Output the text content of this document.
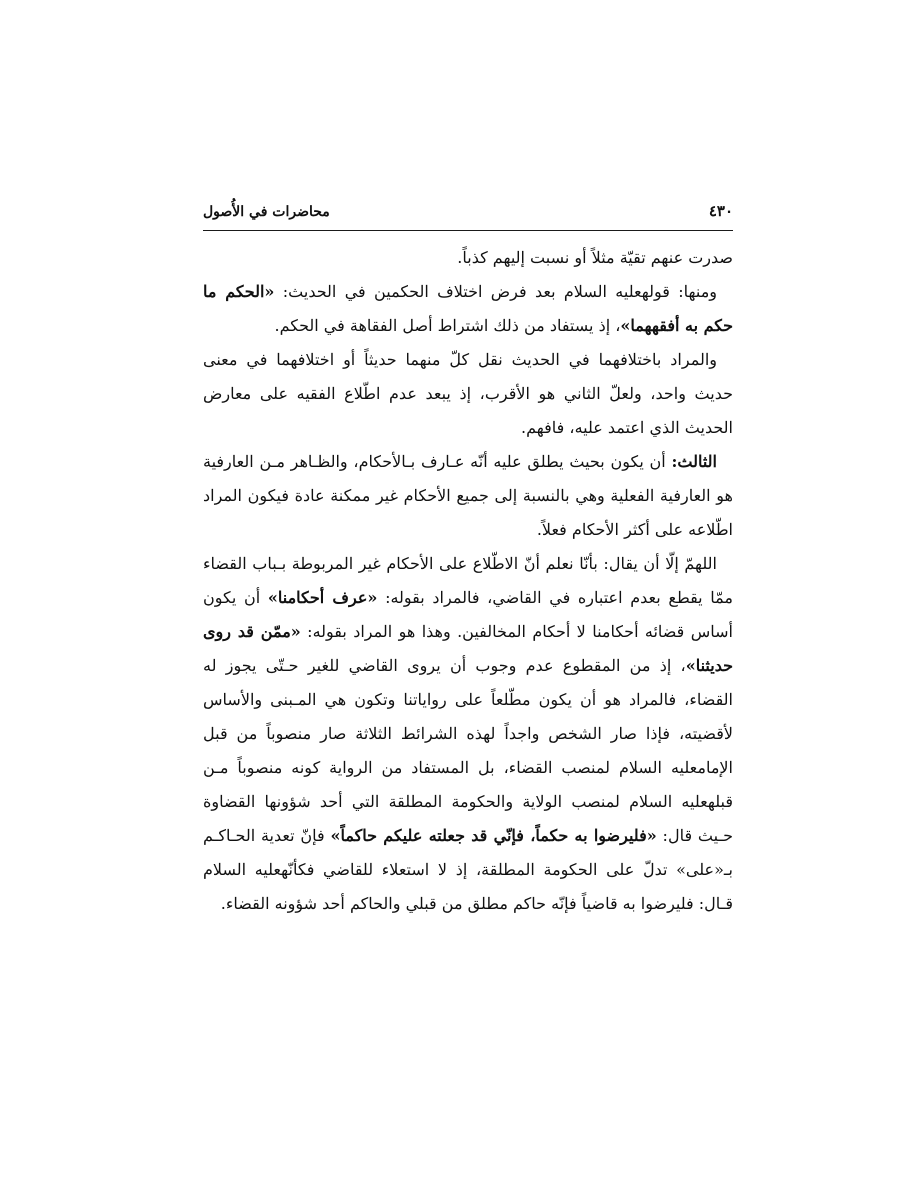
محاضرات في الأُصول	٤٣٠

صدرت عنهم تقيّة مثلاً أو نسبت إليهم كذباً.

ومنها: قولهعليه السلام بعد فرض اختلاف الحكمين في الحديث: «الحكم ما حكم به أفقههما»، إذ يستفاد من ذلك اشتراط أصل الفقاهة في الحكم.

والمراد باختلافهما في الحديث نقل كلّ منهما حديثاً أو اختلافهما في معنى حديث واحد، ولعلّ الثاني هو الأقرب، إذ يبعد عدم اطّلاع الفقيه على معارض الحديث الذي اعتمد عليه، فافهم.

الثالث: أن يكون بحيث يطلق عليه أنّه عـارف بـالأحكام، والظـاهر مـن العارفية هو العارفية الفعلية وهي بالنسبة إلى جميع الأحكام غير ممكنة عادة فيكون المراد اطّلاعه على أكثر الأحكام فعلاً.

اللهمّ إلّا أن يقال: بأنّا نعلم أنّ الاطّلاع على الأحكام غير المربوطة بـباب القضاء ممّا يقطع بعدم اعتباره في القاضي، فالمراد بقوله: «عرف أحكامنا» أن يكون أساس قضائه أحكامنا لا أحكام المخالفين. وهذا هو المراد بقوله: «ممّن قد روى حديثنا»، إذ من المقطوع عدم وجوب أن يروى القاضي للغير حـتّى يجوز له القضاء، فالمراد هو أن يكون مطّلعاً على رواياتنا وتكون هي المـبنى والأساس لأقضيته، فإذا صار الشخص واجداً لهذه الشرائط الثلاثة صار منصوباً من قبل الإمامعليه السلام لمنصب القضاء، بل المستفاد من الرواية كونه منصوباً مـن قبلهعليه السلام لمنصب الولاية والحكومة المطلقة التي أحد شؤونها القضاوة حـيث قال: «فليرضوا به حكماً، فإنّي قد جعلته عليكم حاكماً» فإنّ تعدية الحـاكـم بـ«على» تدلّ على الحكومة المطلقة، إذ لا استعلاء للقاضي فكأنّهعليه السلام قـال: فليرضوا به قاضياً فإنّه حاكم مطلق من قبلي والحاكم أحد شؤونه القضاء.
